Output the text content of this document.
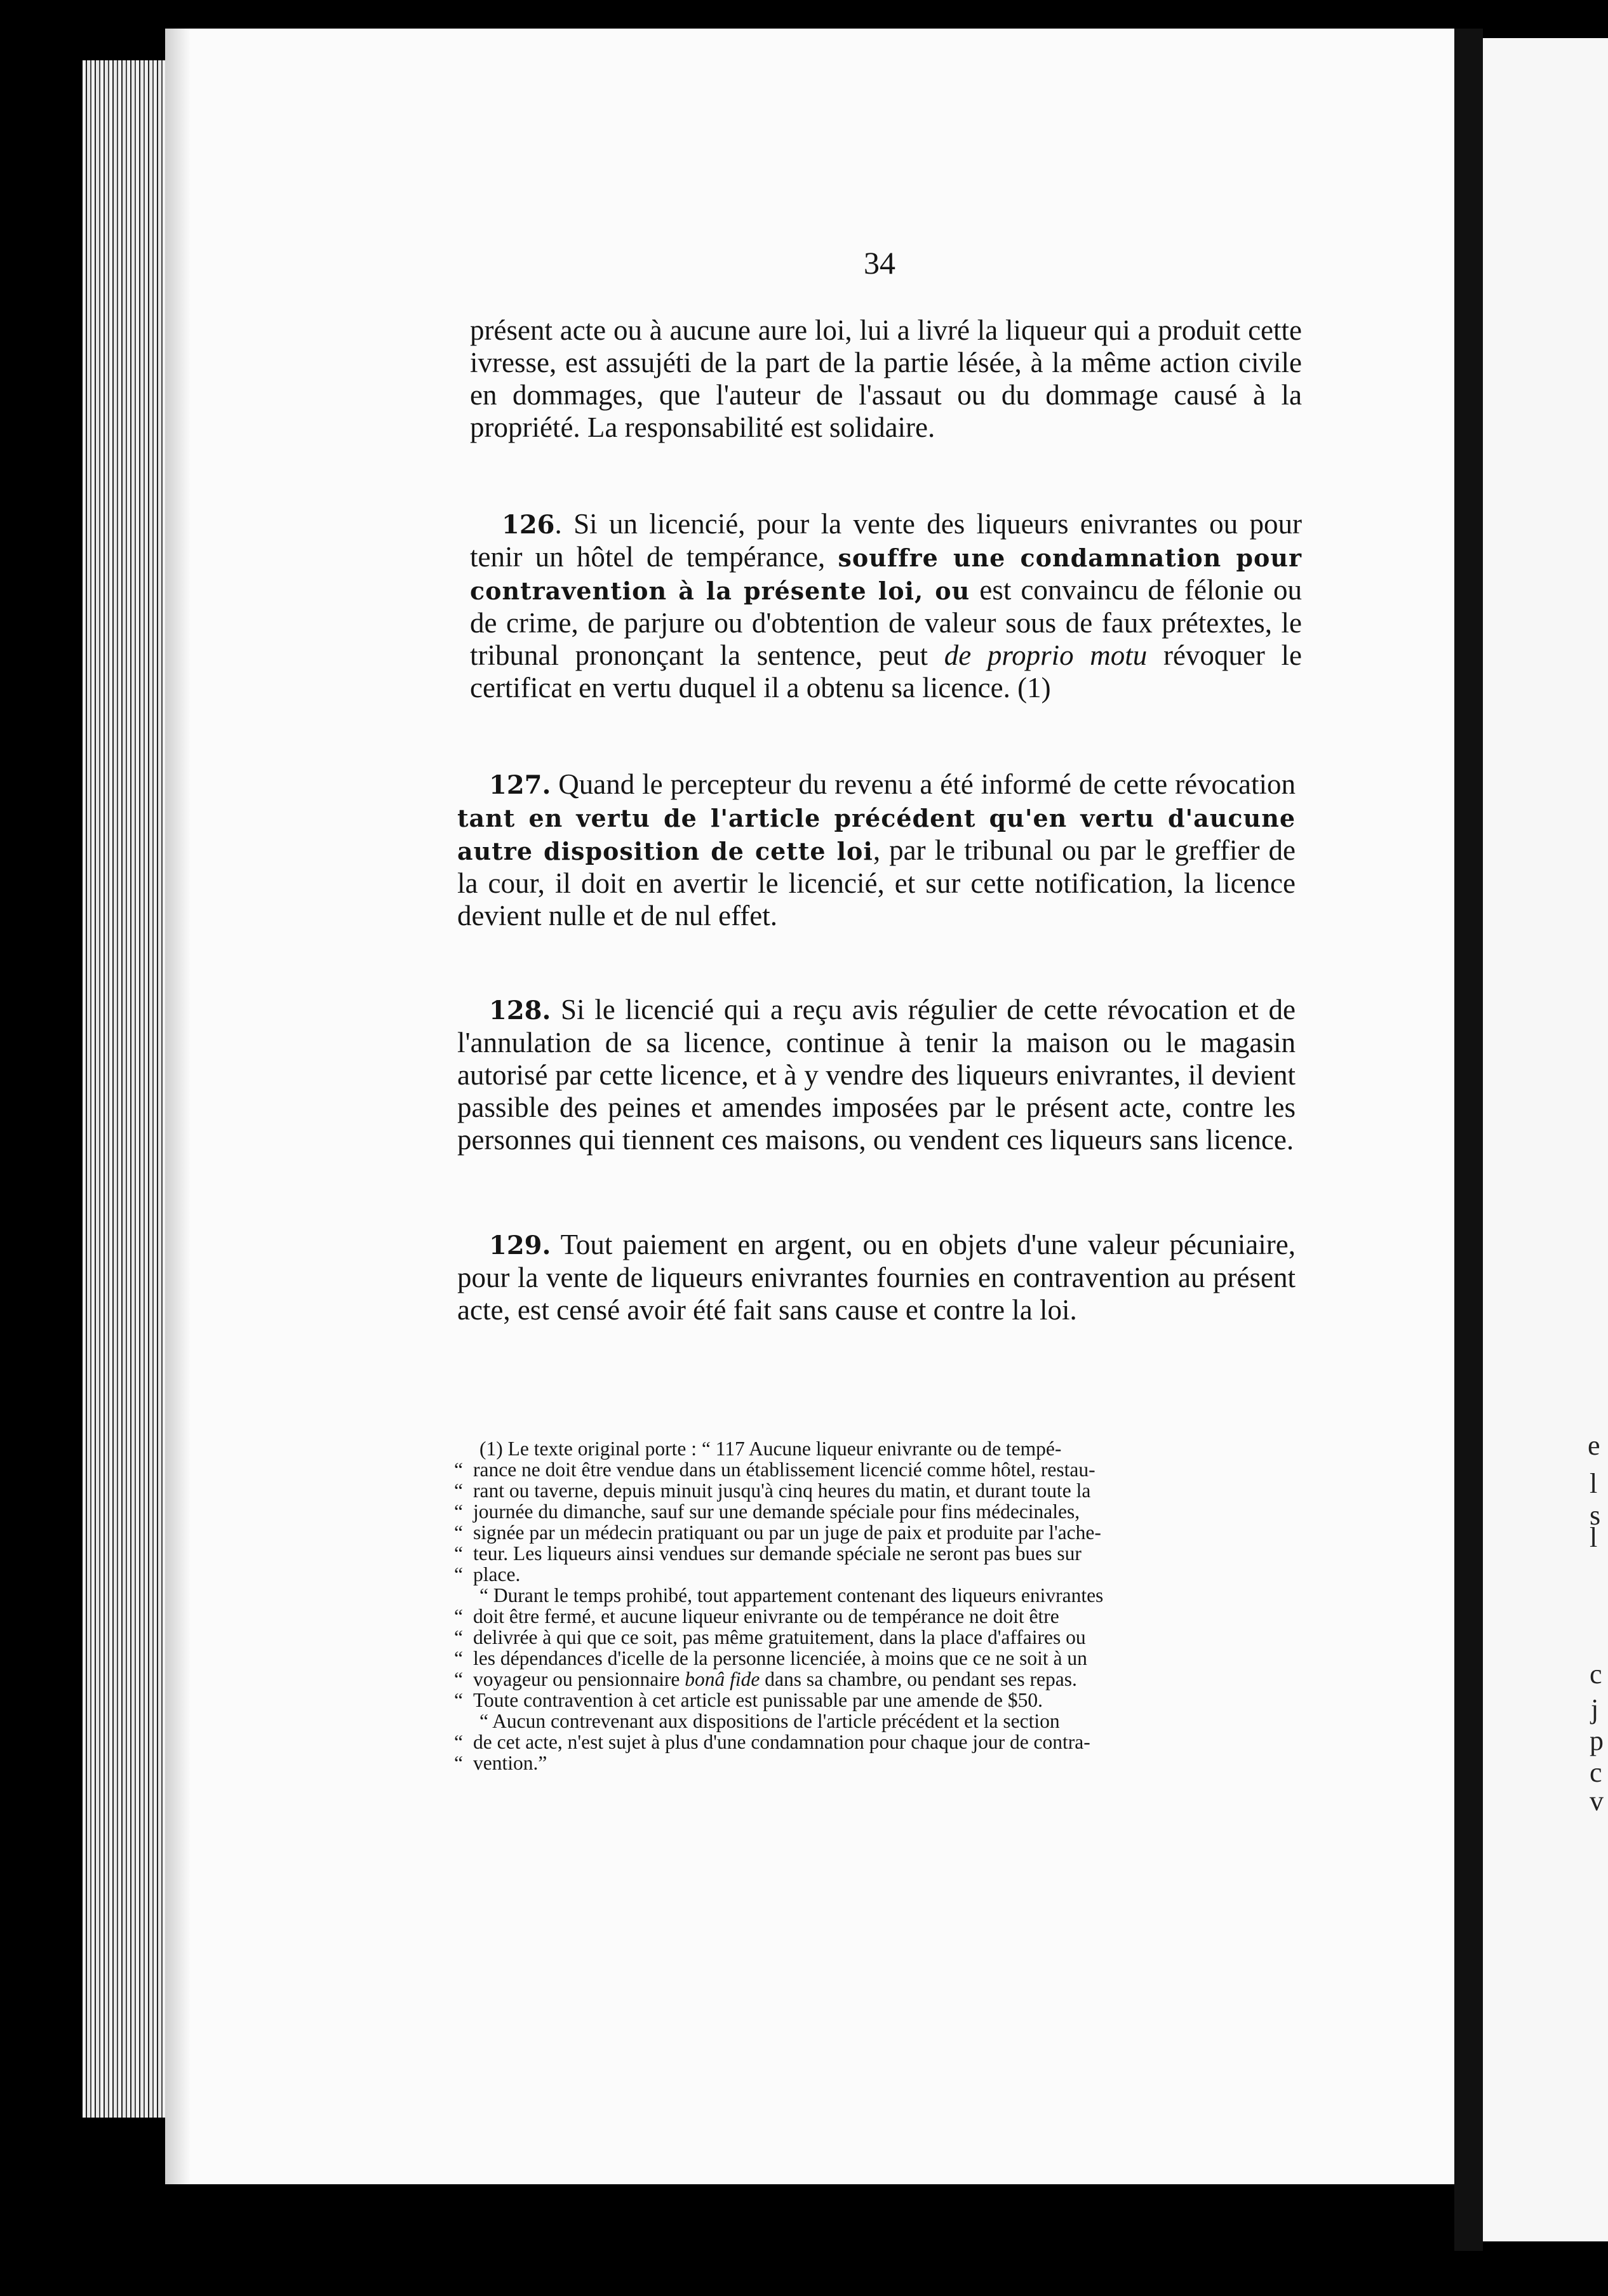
e
l
s
l
c
j
p
c
v
34

présent acte ou à aucune aure loi, lui a livré la liqueur qui a produit cette ivresse, est assujéti de la part de la partie lésée, à la même action civile en dommages, que l'auteur de l'assaut ou du dommage causé à la propriété. La responsabilité est solidaire.

126. Si un licencié, pour la vente des liqueurs enivrantes ou pour tenir un hôtel de tempérance, souffre une condamnation pour contravention à la présente loi, ou est convaincu de félonie ou de crime, de parjure ou d'obtention de valeur sous de faux prétextes, le tribunal prononçant la sentence, peut de proprio motu révoquer le certificat en vertu duquel il a obtenu sa licence. (1)

127. Quand le percepteur du revenu a été informé de cette révocation tant en vertu de l'article précédent qu'en vertu d'aucune autre disposition de cette loi, par le tribunal ou par le greffier de la cour, il doit en avertir le licencié, et sur cette notification, la licence devient nulle et de nul effet.

128. Si le licencié qui a reçu avis régulier de cette révocation et de l'annulation de sa licence, continue à tenir la maison ou le magasin autorisé par cette licence, et à y vendre des liqueurs enivrantes, il devient passible des peines et amendes imposées par le présent acte, contre les personnes qui tiennent ces maisons, ou vendent ces liqueurs sans licence.

129. Tout paiement en argent, ou en objets d'une valeur pécuniaire, pour la vente de liqueurs enivrantes fournies en contravention au présent acte, est censé avoir été fait sans cause et contre la loi.

(1) Le texte original porte : “ 117 Aucune liqueur enivrante ou de tempé-

“ rance ne doit être vendue dans un établissement licencié comme hôtel, restau-

“ rant ou taverne, depuis minuit jusqu'à cinq heures du matin, et durant toute la

“ journée du dimanche, sauf sur une demande spéciale pour fins médecinales,

“ signée par un médecin pratiquant ou par un juge de paix et produite par l'ache-

“ teur. Les liqueurs ainsi vendues sur demande spéciale ne seront pas bues sur

“ place.

“ Durant le temps prohibé, tout appartement contenant des liqueurs enivrantes

“ doit être fermé, et aucune liqueur enivrante ou de tempérance ne doit être

“ delivrée à qui que ce soit, pas même gratuitement, dans la place d'affaires ou

“ les dépendances d'icelle de la personne licenciée, à moins que ce ne soit à un

“ voyageur ou pensionnaire bonâ fide dans sa chambre, ou pendant ses repas.

“ Toute contravention à cet article est punissable par une amende de $50.

“ Aucun contrevenant aux dispositions de l'article précédent et la section

“ de cet acte, n'est sujet à plus d'une condamnation pour chaque jour de contra-

“ vention.”
